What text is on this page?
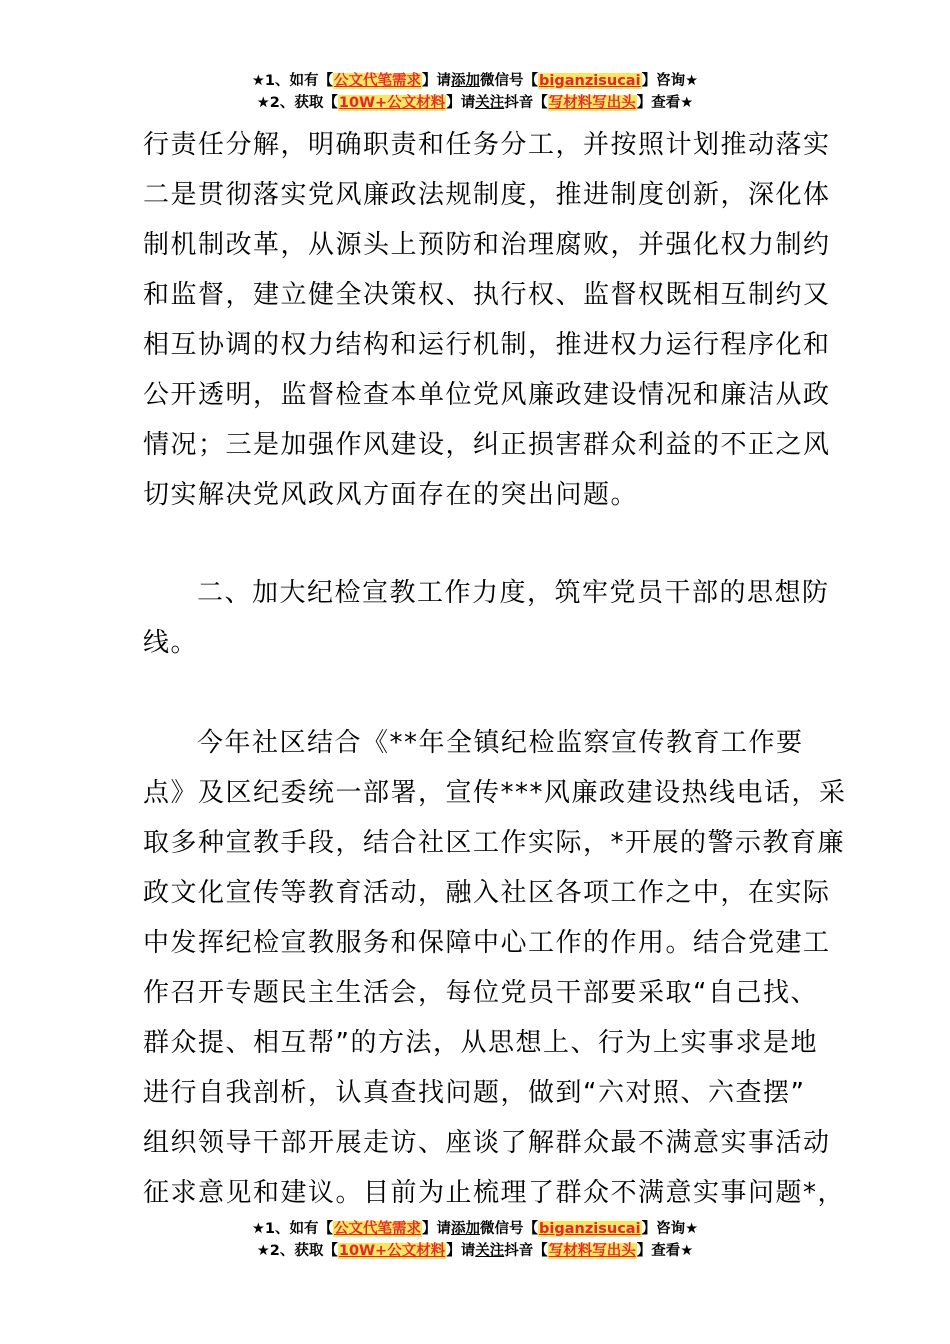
★1、如有【公文代笔需求】请添加微信号【biganzisucai】咨询★
★2、获取【10W+公文材料】请关注抖音【写材料写出头】查看★
行责任分解，明确职责和任务分工，并按照计划推动落实
二是贯彻落实党风廉政法规制度，推进制度创新，深化体
制机制改革，从源头上预防和治理腐败，并强化权力制约
和监督，建立健全决策权、执行权、监督权既相互制约又
相互协调的权力结构和运行机制，推进权力运行程序化和
公开透明，监督检查本单位党风廉政建设情况和廉洁从政
情况；三是加强作风建设，纠正损害群众利益的不正之风
切实解决党风政风方面存在的突出问题。
二、加大纪检宣教工作力度，筑牢党员干部的思想防
线。
今年社区结合《**年全镇纪检监察宣传教育工作要
点》及区纪委统一部署，宣传***风廉政建设热线电话，采
取多种宣教手段，结合社区工作实际，*开展的警示教育廉
政文化宣传等教育活动，融入社区各项工作之中，在实际
中发挥纪检宣教服务和保障中心工作的作用。结合党建工
作召开专题民主生活会，每位党员干部要采取“自己找、
群众提、相互帮”的方法，从思想上、行为上实事求是地
进行自我剖析，认真查找问题，做到“六对照、六查摆”
组织领导干部开展走访、座谈了解群众最不满意实事活动
征求意见和建议。目前为止梳理了群众不满意实事问题*，
★1、如有【公文代笔需求】请添加微信号【biganzisucai】咨询★
★2、获取【10W+公文材料】请关注抖音【写材料写出头】查看★
